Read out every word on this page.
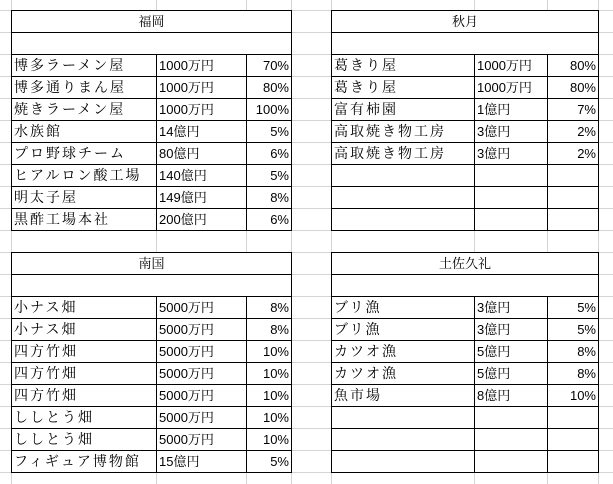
福岡
博多ラーメン屋	1000万円	70%
博多通りまん屋	1000万円	80%
焼きラーメン屋	1000万円	100%
水族館	14億円	5%
プロ野球チーム	80億円	6%
ヒアルロン酸工場	140億円	5%
明太子屋	149億円	8%
黒酢工場本社	200億円	6%
秋月
葛きり屋	1000万円	80%
葛きり屋	1000万円	80%
富有柿園	1億円	7%
高取焼き物工房	3億円	2%
高取焼き物工房	3億円	2%
南国
小ナス畑	5000万円	8%
小ナス畑	5000万円	8%
四方竹畑	5000万円	10%
四方竹畑	5000万円	10%
四方竹畑	5000万円	10%
ししとう畑	5000万円	10%
ししとう畑	5000万円	10%
フィギュア博物館	15億円	5%
土佐久礼
ブリ漁	3億円	5%
ブリ漁	3億円	5%
カツオ漁	5億円	8%
カツオ漁	5億円	8%
魚市場	8億円	10%
